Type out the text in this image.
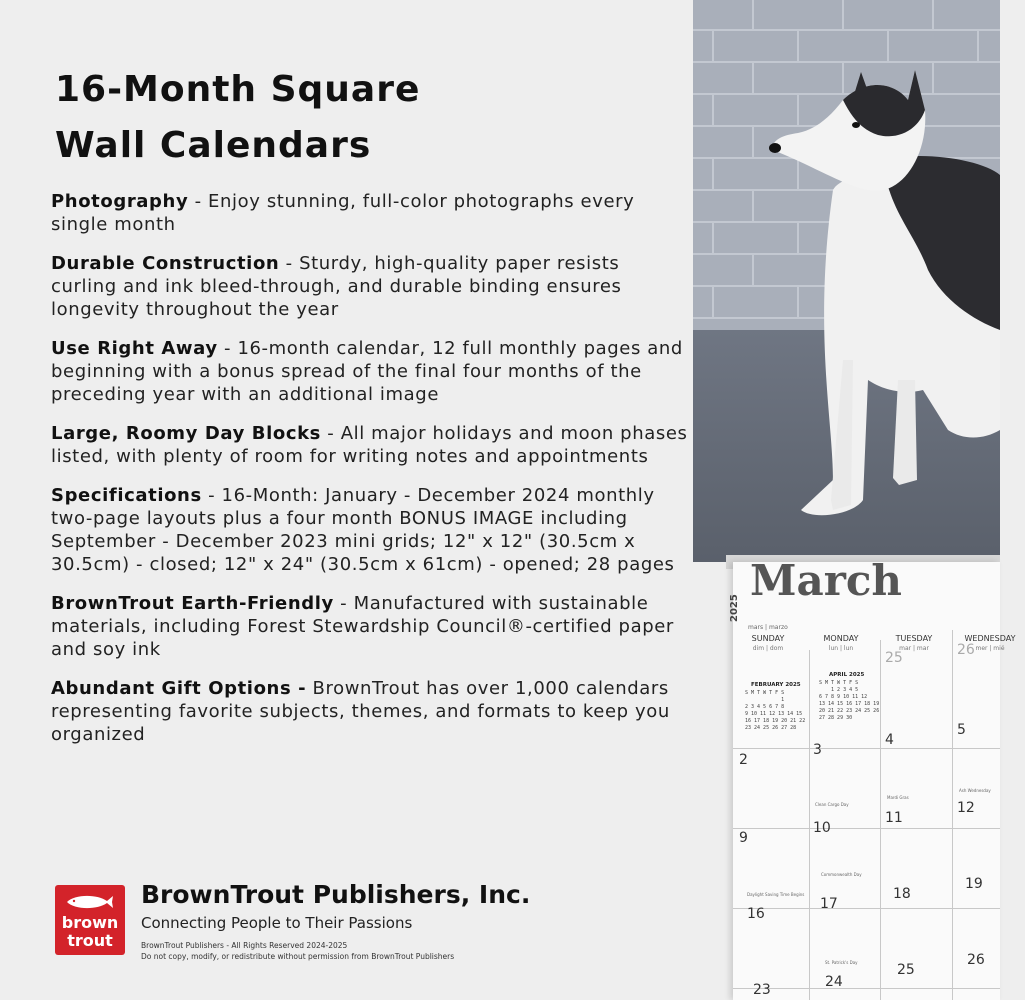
16-Month Square
Wall Calendars
Photography - Enjoy stunning, full-color photographs every single month
Durable Construction - Sturdy, high-quality paper resists curling and ink bleed-through, and durable binding ensures longevity throughout the year
Use Right Away - 16-month calendar, 12 full monthly pages and beginning with a bonus spread of the final four months of the preceding year with an additional image
Large, Roomy Day Blocks - All major holidays and moon phases listed, with plenty of room for writing notes and appointments
Specifications - 16-Month: January - December 2024 monthly two-page layouts plus a four month BONUS IMAGE including September - December 2023 mini grids; 12" x 12" (30.5cm x 30.5cm) - closed; 12" x 24" (30.5cm x 61cm) - opened; 28 pages
BrownTrout Earth-Friendly - Manufactured with sustainable materials, including Forest Stewardship Council®-certified paper and soy ink
Abundant Gift Options - BrownTrout has over 1,000 calendars representing favorite subjects, themes, and formats to keep you organized
brown
trout
BrownTrout Publishers, Inc.
Connecting People to Their Passions
BrownTrout Publishers - All Rights Reserved 2024-2025
Do not copy, modify, or redistribute without permission from BrownTrout Publishers
2025
March
mars | marzo
SUNDAY
dim | dom
MONDAY
lun | lun
TUESDAY
mar | mar
WEDNESDAY
mer | mié
FEBRUARY 2025
S M T W T F S
1
2 3 4 5 6 7 8
9 10 11 12 13 14 15
16 17 18 19 20 21 22
23 24 25 26 27 28
APRIL 2025
S M T W T F S
1 2 3 4 5
6 7 8 9 10 11 12
13 14 15 16 17 18 19
20 21 22 23 24 25 26
27 28 29 30
25	26
2
3
4
5
9
10
11
12
16
17
18
19
23	24
25
26
Clean Cargo Day
Mardi Gras
Ash Wednesday
Commonwealth Day
Daylight Saving Time Begins
St. Patrick's Day
